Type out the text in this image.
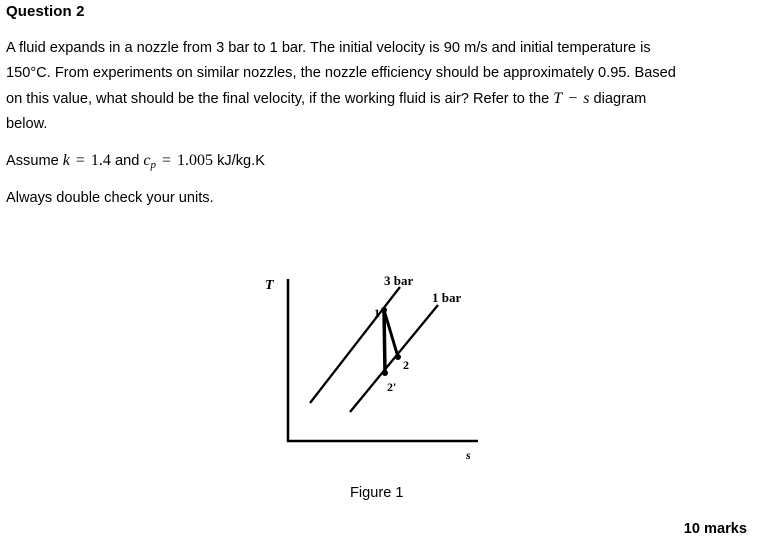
Question 2
A fluid expands in a nozzle from 3 bar to 1 bar. The initial velocity is 90 m/s and initial temperature is
150°C. From experiments on similar nozzles, the nozzle efficiency should be approximately 0.95. Based
on this value, what should be the final velocity, if the working fluid is air? Refer to the T − s diagram
below.
Assume k = 1.4 and $c_p = 1.005$ kJ/kg.K
Always double check your units.
T
s
3 bar
1 bar
1
2
2'
Figure 1
10 marks
